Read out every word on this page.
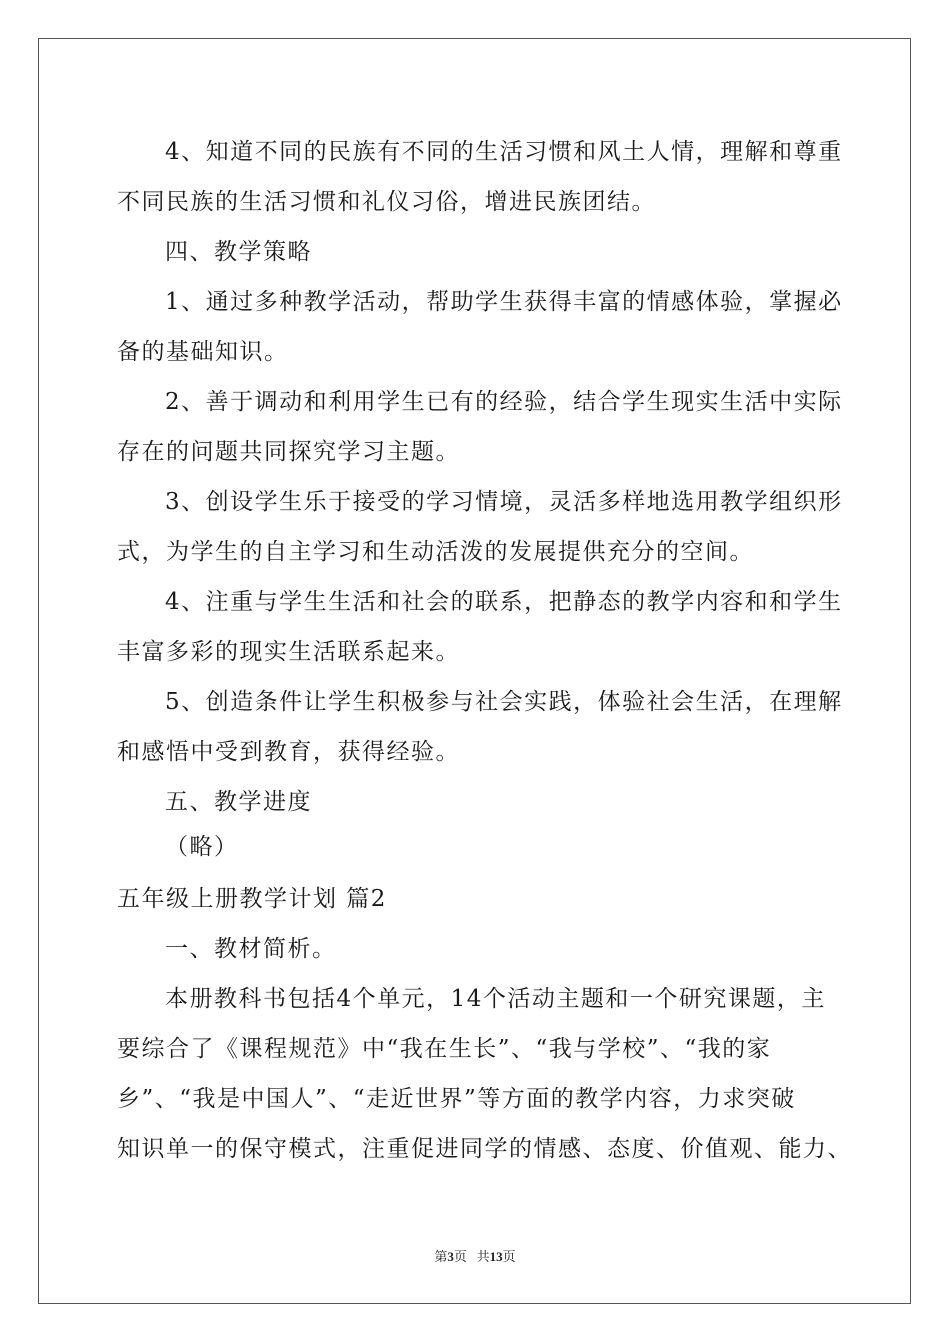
4、知道不同的民族有不同的生活习惯和风土人情，理解和尊重
不同民族的生活习惯和礼仪习俗，增进民族团结。
四、教学策略
1、通过多种教学活动，帮助学生获得丰富的情感体验，掌握必
备的基础知识。
2、善于调动和利用学生已有的经验，结合学生现实生活中实际
存在的问题共同探究学习主题。
3、创设学生乐于接受的学习情境，灵活多样地选用教学组织形
式，为学生的自主学习和生动活泼的发展提供充分的空间。
4、注重与学生生活和社会的联系，把静态的教学内容和和学生
丰富多彩的现实生活联系起来。
5、创造条件让学生积极参与社会实践，体验社会生活，在理解
和感悟中受到教育，获得经验。
五、教学进度
（略）
五年级上册教学计划 篇2
一、教材简析。
本册教科书包括4个单元，14个活动主题和一个研究课题，主
要综合了《课程规范》中“我在生长”、“我与学校”、“我的家
乡”、“我是中国人”、“走近世界”等方面的教学内容，力求突破
知识单一的保守模式，注重促进同学的情感、态度、价值观、能力、
第3页 共13页
